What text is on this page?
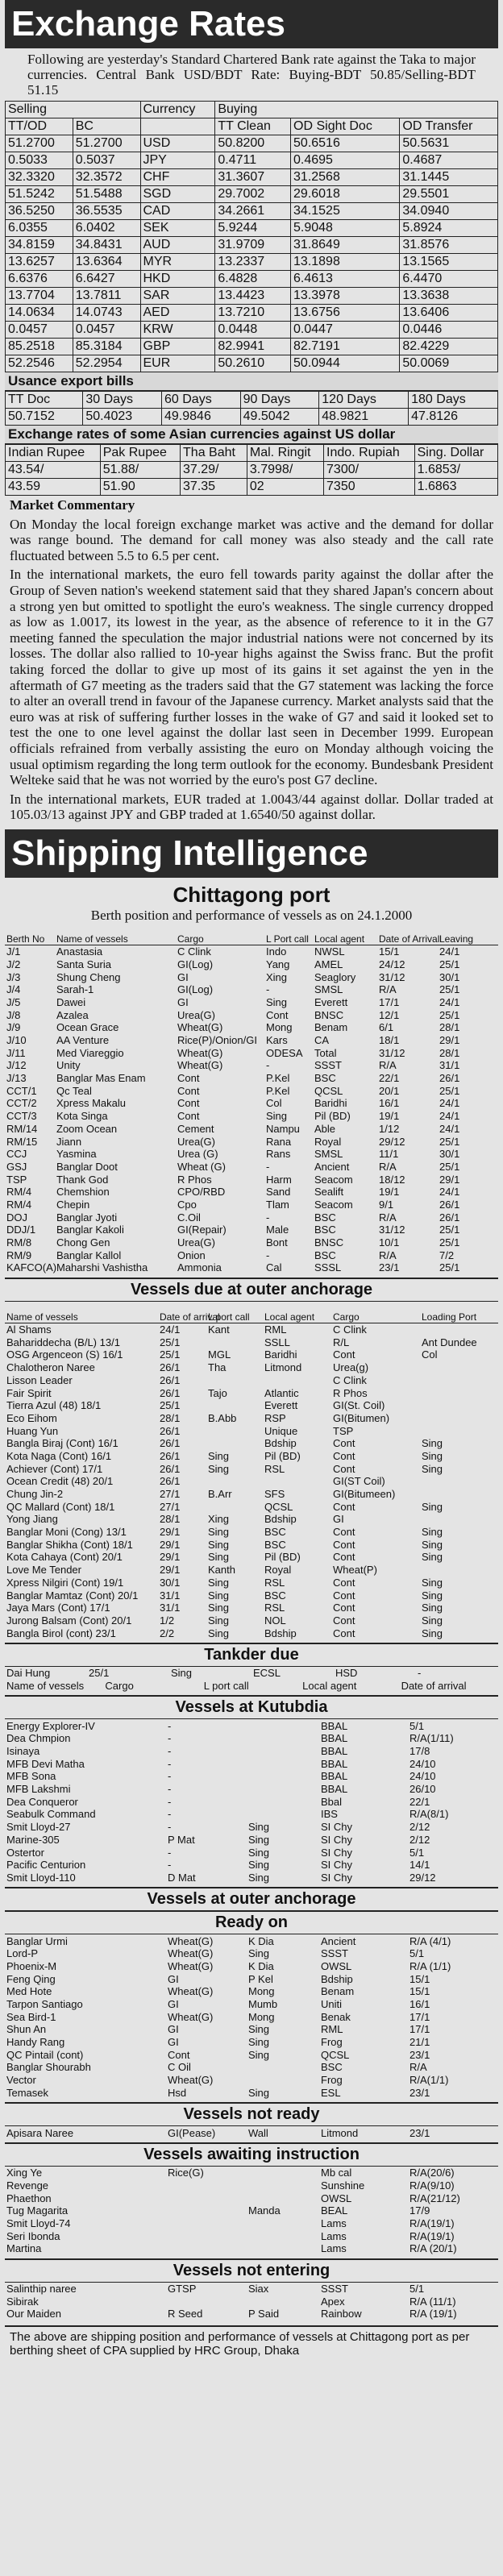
Exchange Rates
Following are yesterday's Standard Chartered Bank rate against the Taka to major currencies. Central Bank USD/BDT Rate: Buying-BDT 50.85/Selling-BDT 51.15
Selling		Currency	Buying		
TT/OD	BC		TT Clean	OD Sight Doc	OD Transfer
51.2700	51.2700	USD	50.8200	50.6516	50.5631
0.5033	0.5037	JPY	0.4711	0.4695	0.4687
32.3320	32.3572	CHF	31.3607	31.2568	31.1445
51.5242	51.5488	SGD	29.7002	29.6018	29.5501
36.5250	36.5535	CAD	34.2661	34.1525	34.0940
6.0355	6.0402	SEK	5.9244	5.9048	5.8924
34.8159	34.8431	AUD	31.9709	31.8649	31.8576
13.6257	13.6364	MYR	13.2337	13.1898	13.1565
6.6376	6.6427	HKD	6.4828	6.4613	6.4470
13.7704	13.7811	SAR	13.4423	13.3978	13.3638
14.0634	14.0743	AED	13.7210	13.6756	13.6406
0.0457	0.0457	KRW	0.0448	0.0447	0.0446
85.2518	85.3184	GBP	82.9941	82.7191	82.4229
52.2546	52.2954	EUR	50.2610	50.0944	50.0069
Usance export bills
TT Doc	30 Days	60 Days	90 Days	120 Days	180 Days
50.7152	50.4023	49.9846	49.5042	48.9821	47.8126
Exchange rates of some Asian currencies against US dollar
Indian Rupee	Pak Rupee	Tha Baht	Mal. Ringit	Indo. Rupiah	Sing. Dollar
43.54/	51.88/	37.29/	3.7998/	7300/	1.6853/
43.59	51.90	37.35	02	7350	1.6863
Market Commentary
On Monday the local foreign exchange market was active and the demand for dollar was range bound. The demand for call money was also steady and the call rate fluctuated between 5.5 to 6.5 per cent.
In the international markets, the euro fell towards parity against the dollar after the Group of Seven nation's weekend statement said that they shared Japan's concern about a strong yen but omitted to spotlight the euro's weakness. The single currency dropped as low as 1.0017, its lowest in the year, as the absence of reference to it in the G7 meeting fanned the speculation the major industrial nations were not concerned by its losses. The dollar also rallied to 10-year highs against the Swiss franc. But the profit taking forced the dollar to give up most of its gains it set against the yen in the aftermath of G7 meeting as the traders said that the G7 statement was lacking the force to alter an overall trend in favour of the Japanese currency. Market analysts said that the euro was at risk of suffering further losses in the wake of G7 and said it looked set to test the one to one level against the dollar last seen in December 1999. European officials refrained from verbally assisting the euro on Monday although voicing the usual optimism regarding the long term outlook for the economy. Bundesbank President Welteke said that he was not worried by the euro's post G7 decline.
In the international markets, EUR traded at 1.0043/44 against dollar. Dollar traded at 105.03/13 against JPY and GBP traded at 1.6540/50 against dollar.
Shipping Intelligence
Chittagong port
Berth position and performance of vessels as on 24.1.2000
Berth No	Name of vessels	Cargo	L Port call	Local agent	Date of Arrival	Leaving
J/1	Anastasia	C Clink	Indo	NWSL	15/1	24/1
J/2	Santa Suria	GI(Log)	Yang	AMEL	24/12	25/1
J/3	Shung Cheng	GI	Xing	Seaglory	31/12	30/1
J/4	Sarah-1	GI(Log)	-	SMSL	R/A	25/1
J/5	Dawei	GI	Sing	Everett	17/1	24/1
J/8	Azalea	Urea(G)	Cont	BNSC	12/1	25/1
J/9	Ocean Grace	Wheat(G)	Mong	Benam	6/1	28/1
J/10	AA Venture	Rice(P)/Onion/GI	Kars	CA	18/1	29/1
J/11	Med Viareggio	Wheat(G)	ODESA	Total	31/12	28/1
J/12	Unity	Wheat(G)	-	SSST	R/A	31/1
J/13	Banglar Mas Enam	Cont	P.Kel	BSC	22/1	26/1
CCT/1	Qc Teal	Cont	P.Kel	QCSL	20/1	25/1
CCT/2	Xpress Makalu	Cont	Col	Baridhi	16/1	24/1
CCT/3	Kota Singa	Cont	Sing	Pil (BD)	19/1	24/1
RM/14	Zoom Ocean	Cement	Nampu	Able	1/12	24/1
RM/15	Jiann	Urea(G)	Rana	Royal	29/12	25/1
CCJ	Yasmina	Urea (G)	Rans	SMSL	11/1	30/1
GSJ	Banglar Doot	Wheat (G)	-	Ancient	R/A	25/1
TSP	Thank God	R Phos	Harm	Seacom	18/12	29/1
RM/4	Chemshion	CPO/RBD	Sand	Sealift	19/1	24/1
RM/4	Chepin	Cpo	Tlam	Seacom	9/1	26/1
DOJ	Banglar Jyoti	C.Oil	-	BSC	R/A	26/1
DDJ/1	Banglar Kakoli	GI(Repair)	Male	BSC	31/12	25/1
RM/8	Chong Gen	Urea(G)	Bont	BNSC	10/1	25/1
RM/9	Banglar Kallol	Onion	-	BSC	R/A	7/2
KAFCO(A)	Maharshi Vashistha	Ammonia	Cal	SSSL	23/1	25/1
Vessels due at outer anchorage
Name of vessels	Date of arrival	L port call	Local agent	Cargo	Loading Port
Al Shams	24/1	Kant	RML	C Clink	
Bahariddecha (B/L) 13/1	25/1		SSLL	R/L	Ant Dundee
OSG Argenceon (S) 16/1	25/1	MGL	Baridhi	Cont	Col
Chalotheron Naree	26/1	Tha	Litmond	Urea(g)	
Lisson Leader	26/1			C Clink	
Fair Spirit	26/1	Tajo	Atlantic	R Phos	
Tierra Azul (48) 18/1	25/1		Everett	GI(St. Coil)	
Eco Eihom	28/1	B.Abb	RSP	GI(Bitumen)	
Huang Yun	26/1		Unique	TSP	
Bangla Biraj (Cont) 16/1	26/1		Bdship	Cont	Sing
Kota Naga (Cont) 16/1	26/1	Sing	Pil (BD)	Cont	Sing
Achiever (Cont) 17/1	26/1	Sing	RSL	Cont	Sing
Ocean Credit (48) 20/1	26/1			GI(ST Coil)	
Chung Jin-2	27/1	B.Arr	SFS	GI(Bitumeen)	
QC Mallard (Cont) 18/1	27/1		QCSL	Cont	Sing
Yong Jiang	28/1	Xing	Bdship	GI	
Banglar Moni (Cong) 13/1	29/1	Sing	BSC	Cont	Sing
Banglar Shikha (Cont) 18/1	29/1	Sing	BSC	Cont	Sing
Kota Cahaya (Cont) 20/1	29/1	Sing	Pil (BD)	Cont	Sing
Love Me Tender	29/1	Kanth	Royal	Wheat(P)	
Xpress Nilgiri (Cont) 19/1	30/1	Sing	RSL	Cont	Sing
Banglar Mamtaz (Cont) 20/1	31/1	Sing	BSC	Cont	Sing
Jaya Mars (Cont) 17/1	31/1	Sing	RSL	Cont	Sing
Jurong Balsam (Cont) 20/1	1/2	Sing	NOL	Cont	Sing
Bangla Birol (cont) 23/1	2/2	Sing	Bdship	Cont	Sing
Tankder due
Dai Hung	25/1	Sing	ECSL	HSD	-
Name of vessels	Cargo	L port call	Local agent	Date of arrival
Vessels at Kutubdia
Energy Explorer-IV	-		BBAL	5/1
Dea Chmpion	-		BBAL	R/A(1/11)
Isinaya	-		BBAL	17/8
MFB Devi Matha	-		BBAL	24/10
MFB Sona	-		BBAL	24/10
MFB Lakshmi	-		BBAL	26/10
Dea Conqueror	-		Bbal	22/1
Seabulk Command	-		IBS	R/A(8/1)
Smit Lloyd-27	-	Sing	SI Chy	2/12
Marine-305	P Mat	Sing	SI Chy	2/12
Ostertor	-	Sing	SI Chy	5/1
Pacific Centurion	-	Sing	SI Chy	14/1
Smit Lloyd-110	D Mat	Sing	SI Chy	29/12
Vessels at outer anchorage
Ready on
Banglar Urmi	Wheat(G)	K Dia	Ancient	R/A (4/1)
Lord-P	Wheat(G)	Sing	SSST	5/1
Phoenix-M	Wheat(G)	K Dia	OWSL	R/A (1/1)
Feng Qing	GI	P Kel	Bdship	15/1
Med Hote	Wheat(G)	Mong	Benam	15/1
Tarpon Santiago	GI	Mumb	Uniti	16/1
Sea Bird-1	Wheat(G)	Mong	Benak	17/1
Shun An	GI	Sing	RML	17/1
Handy Rang	GI	Sing	Frog	21/1
QC Pintail (cont)	Cont	Sing	QCSL	23/1
Banglar Shourabh	C Oil		BSC	R/A
Vector	Wheat(G)		Frog	R/A(1/1)
Temasek	Hsd	Sing	ESL	23/1
Vessels not ready
Apisara Naree	GI(Pease)	Wall	Litmond	23/1
Vessels awaiting instruction
Xing Ye	Rice(G)		Mb cal	R/A(20/6)
Revenge			Sunshine	R/A(9/10)
Phaethon			OWSL	R/A(21/12)
Tug Magarita		Manda	BEAL	17/9
Smit Lloyd-74			Lams	R/A(19/1)
Seri Ibonda			Lams	R/A(19/1)
Martina			Lams	R/A (20/1)
Vessels not entering
Salinthip naree	GTSP	Siax	SSST	5/1
Sibirak			Apex	R/A (11/1)
Our Maiden	R Seed	P Said	Rainbow	R/A (19/1)
The above are shipping position and performance of vessels at Chittagong port as per berthing sheet of CPA supplied by HRC Group, Dhaka
